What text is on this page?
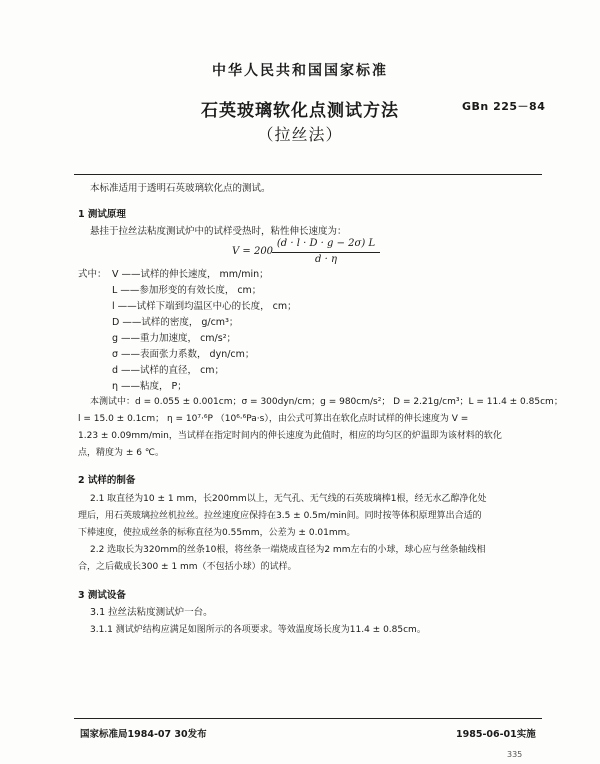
中华人民共和国国家标准
石英玻璃软化点测试方法
（拉丝法）
GBn 225－84
本标准适用于透明石英玻璃软化点的测试。
1 测试原理
悬挂于拉丝法粘度测试炉中的试样受热时，粘性伸长速度为：
V = 200
(d · l · D · g − 2σ) L
d · η
式中： V ——试样的伸长速度， mm/min；
L ——参加形变的有效长度， cm；
l ——试样下端到均温区中心的长度， cm；
D ——试样的密度， g/cm³；
g ——重力加速度， cm/s²；
σ ——表面张力系数， dyn/cm；
d ——试样的直径， cm；
η ——粘度， P；
本测试中：d = 0.055 ± 0.001cm；σ = 300dyn/cm；g = 980cm/s²； D = 2.21g/cm³；L = 11.4 ± 0.85cm；
l = 15.0 ± 0.1cm； η = 10⁷·⁶P （10⁶·⁶Pa·s），由公式可算出在软化点时试样的伸长速度为 V =
1.23 ± 0.09mm/min，当试样在指定时间内的伸长速度为此值时，相应的均匀区的炉温即为该材料的软化
点，精度为 ± 6 ℃。
2 试样的制备
2.1 取直径为10 ± 1 mm，长200mm以上，无气孔、无气线的石英玻璃棒1根，经无水乙醇净化处
理后，用石英玻璃拉丝机拉丝。拉丝速度应保持在3.5 ± 0.5m/min间。同时按等体积原理算出合适的
下棒速度，使拉成丝条的标称直径为0.55mm，公差为 ± 0.01mm。
2.2 选取长为320mm的丝条10根，将丝条一端烧成直径为2 mm左右的小球，球心应与丝条轴线相
合，之后截成长300 ± 1 mm（不包括小球）的试样。
3 测试设备
3.1 拉丝法粘度测试炉一台。
3.1.1 测试炉结构应满足如图所示的各项要求。等效温度场长度为11.4 ± 0.85cm。
国家标准局1984-07 30发布	1985-06-01实施
335
